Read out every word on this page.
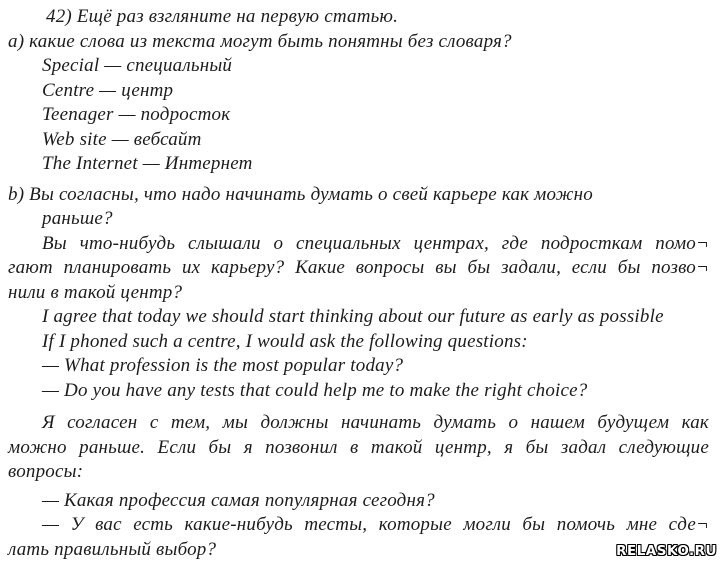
42) Ещё раз взгляните на первую статью.
а) какие слова из текста могут быть понятны без словаря?
Special — специальный
Centre — центр
Teenager — подросток
Web site — вебсайт
The Internet — Интернет
b) Вы согласны, что надо начинать думать о свей карьере как можно
раньше?
Вы что-нибудь слышали о специальных центрах, где подросткам помо¬
гают планировать их карьеру? Какие вопросы вы бы задали, если бы позво¬
нили в такой центр?
I agree that today we should start thinking about our future as early as possible
If I phoned such a centre, I would ask the following questions:
— What profession is the most popular today?
— Do you have any tests that could help me to make the right choice?
Я согласен с тем, мы должны начинать думать о нашем будущем как
можно раньше. Если бы я позвонил в такой центр, я бы задал следующие
вопросы:
— Какая профессия самая популярная сегодня?
— У вас есть какие-нибудь тесты, которые могли бы помочь мне сде¬
лать правильный выбор?	RELASKO.RU
